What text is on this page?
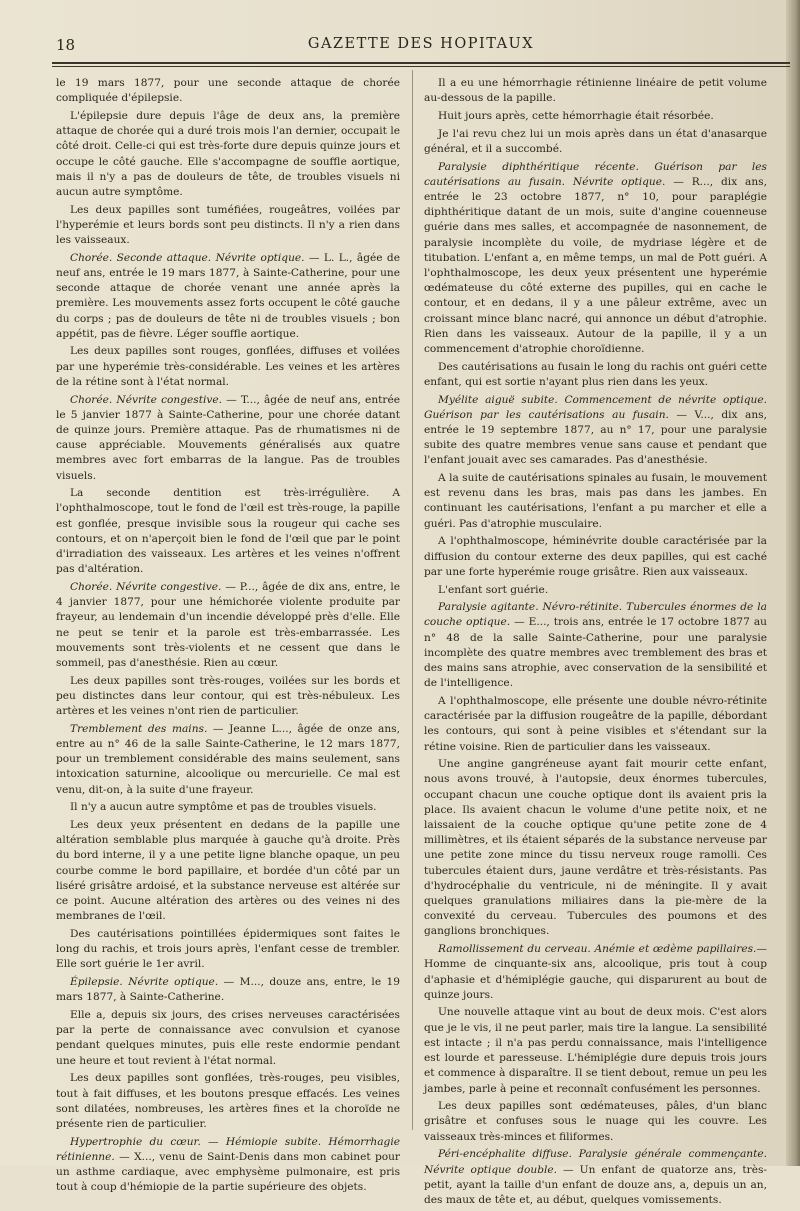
18	GAZETTE DES HOPITAUX

le 19 mars 1877, pour une seconde attaque de chorée compliquée d'épilepsie.

L'épilepsie dure depuis l'âge de deux ans, la première attaque de chorée qui a duré trois mois l'an dernier, occupait le côté droit. Celle-ci qui est très-forte dure depuis quinze jours et occupe le côté gauche. Elle s'accompagne de souffle aortique, mais il n'y a pas de douleurs de tête, de troubles visuels ni aucun autre symptôme.

Les deux papilles sont tuméfiées, rougeâtres, voilées par l'hyperémie et leurs bords sont peu distincts. Il n'y a rien dans les vaisseaux.

Chorée. Seconde attaque. Névrite optique. — L. L., âgée de neuf ans, entrée le 19 mars 1877, à Sainte-Catherine, pour une seconde attaque de chorée venant une année après la première. Les mouvements assez forts occupent le côté gauche du corps ; pas de douleurs de tête ni de troubles visuels ; bon appétit, pas de fièvre. Léger souffle aortique.

Les deux papilles sont rouges, gonflées, diffuses et voilées par une hyperémie très-considérable. Les veines et les artères de la rétine sont à l'état normal.

Chorée. Névrite congestive. — T..., âgée de neuf ans, entrée le 5 janvier 1877 à Sainte-Catherine, pour une chorée datant de quinze jours. Première attaque. Pas de rhumatismes ni de cause appréciable. Mouvements généralisés aux quatre membres avec fort embarras de la langue. Pas de troubles visuels.

La seconde dentition est très-irrégulière. A l'ophthalmoscope, tout le fond de l'œil est très-rouge, la papille est gonflée, presque invisible sous la rougeur qui cache ses contours, et on n'aperçoit bien le fond de l'œil que par le point d'irradiation des vaisseaux. Les artères et les veines n'offrent pas d'altération.

Chorée. Névrite congestive. — P..., âgée de dix ans, entre, le 4 janvier 1877, pour une hémichorée violente produite par frayeur, au lendemain d'un incendie développé près d'elle. Elle ne peut se tenir et la parole est très-embarrassée. Les mouvements sont très-violents et ne cessent que dans le sommeil, pas d'anesthésie. Rien au cœur.

Les deux papilles sont très-rouges, voilées sur les bords et peu distinctes dans leur contour, qui est très-nébuleux. Les artères et les veines n'ont rien de particulier.

Tremblement des mains. — Jeanne L..., âgée de onze ans, entre au n° 46 de la salle Sainte-Catherine, le 12 mars 1877, pour un tremblement considérable des mains seulement, sans intoxication saturnine, alcoolique ou mercurielle. Ce mal est venu, dit-on, à la suite d'une frayeur.

Il n'y a aucun autre symptôme et pas de troubles visuels.

Les deux yeux présentent en dedans de la papille une altération semblable plus marquée à gauche qu'à droite. Près du bord interne, il y a une petite ligne blanche opaque, un peu courbe comme le bord papillaire, et bordée d'un côté par un liséré grisâtre ardoisé, et la substance nerveuse est altérée sur ce point. Aucune altération des artères ou des veines ni des membranes de l'œil.

Des cautérisations pointillées épidermiques sont faites le long du rachis, et trois jours après, l'enfant cesse de trembler. Elle sort guérie le 1er avril.

Épilepsie. Névrite optique. — M..., douze ans, entre, le 19 mars 1877, à Sainte-Catherine.

Elle a, depuis six jours, des crises nerveuses caractérisées par la perte de connaissance avec convulsion et cyanose pendant quelques minutes, puis elle reste endormie pendant une heure et tout revient à l'état normal.

Les deux papilles sont gonflées, très-rouges, peu visibles, tout à fait diffuses, et les boutons presque effacés. Les veines sont dilatées, nombreuses, les artères fines et la choroïde ne présente rien de particulier.

Hypertrophie du cœur. — Hémiopie subite. Hémorrhagie rétinienne. — X..., venu de Saint-Denis dans mon cabinet pour un asthme cardiaque, avec emphysème pulmonaire, est pris tout à coup d'hémiopie de la partie supérieure des objets.

Il a eu une hémorrhagie rétinienne linéaire de petit volume au-dessous de la papille.

Huit jours après, cette hémorrhagie était résorbée.

Je l'ai revu chez lui un mois après dans un état d'anasarque général, et il a succombé.

Paralysie diphthéritique récente. Guérison par les cautérisations au fusain. Névrite optique. — R..., dix ans, entrée le 23 octobre 1877, n° 10, pour paraplégie diphthéritique datant de un mois, suite d'angine couenneuse guérie dans mes salles, et accompagnée de nasonnement, de paralysie incomplète du voile, de mydriase légère et de titubation. L'enfant a, en même temps, un mal de Pott guéri. A l'ophthalmoscope, les deux yeux présentent une hyperémie œdémateuse du côté externe des pupilles, qui en cache le contour, et en dedans, il y a une pâleur extrême, avec un croissant mince blanc nacré, qui annonce un début d'atrophie. Rien dans les vaisseaux. Autour de la papille, il y a un commencement d'atrophie choroïdienne.

Des cautérisations au fusain le long du rachis ont guéri cette enfant, qui est sortie n'ayant plus rien dans les yeux.

Myélite aiguë subite. Commencement de névrite optique. Guérison par les cautérisations au fusain. — V..., dix ans, entrée le 19 septembre 1877, au n° 17, pour une paralysie subite des quatre membres venue sans cause et pendant que l'enfant jouait avec ses camarades. Pas d'anesthésie.

A la suite de cautérisations spinales au fusain, le mouvement est revenu dans les bras, mais pas dans les jambes. En continuant les cautérisations, l'enfant a pu marcher et elle a guéri. Pas d'atrophie musculaire.

A l'ophthalmoscope, héminévrite double caractérisée par la diffusion du contour externe des deux papilles, qui est caché par une forte hyperémie rouge grisâtre. Rien aux vaisseaux.

L'enfant sort guérie.

Paralysie agitante. Névro-rétinite. Tubercules énormes de la couche optique. — E..., trois ans, entrée le 17 octobre 1877 au n° 48 de la salle Sainte-Catherine, pour une paralysie incomplète des quatre membres avec tremblement des bras et des mains sans atrophie, avec conservation de la sensibilité et de l'intelligence.

A l'ophthalmoscope, elle présente une double névro-rétinite caractérisée par la diffusion rougeâtre de la papille, débordant les contours, qui sont à peine visibles et s'étendant sur la rétine voisine. Rien de particulier dans les vaisseaux.

Une angine gangréneuse ayant fait mourir cette enfant, nous avons trouvé, à l'autopsie, deux énormes tubercules, occupant chacun une couche optique dont ils avaient pris la place. Ils avaient chacun le volume d'une petite noix, et ne laissaient de la couche optique qu'une petite zone de 4 millimètres, et ils étaient séparés de la substance nerveuse par une petite zone mince du tissu nerveux rouge ramolli. Ces tubercules étaient durs, jaune verdâtre et très-résistants. Pas d'hydrocéphalie du ventricule, ni de méningite. Il y avait quelques granulations miliaires dans la pie-mère de la convexité du cerveau. Tubercules des poumons et des ganglions bronchiques.

Ramollissement du cerveau. Anémie et œdème papillaires.—Homme de cinquante-six ans, alcoolique, pris tout à coup d'aphasie et d'hémiplégie gauche, qui disparurent au bout de quinze jours.

Une nouvelle attaque vint au bout de deux mois. C'est alors que je le vis, il ne peut parler, mais tire la langue. La sensibilité est intacte ; il n'a pas perdu connaissance, mais l'intelligence est lourde et paresseuse. L'hémiplégie dure depuis trois jours et commence à disparaître. Il se tient debout, remue un peu les jambes, parle à peine et reconnaît confusément les personnes.

Les deux papilles sont œdémateuses, pâles, d'un blanc grisâtre et confuses sous le nuage qui les couvre. Les vaisseaux très-minces et filiformes.

Péri-encéphalite diffuse. Paralysie générale commençante. Névrite optique double. — Un enfant de quatorze ans, très-petit, ayant la taille d'un enfant de douze ans, a, depuis un an, des maux de tête et, au début, quelques vomissements.
